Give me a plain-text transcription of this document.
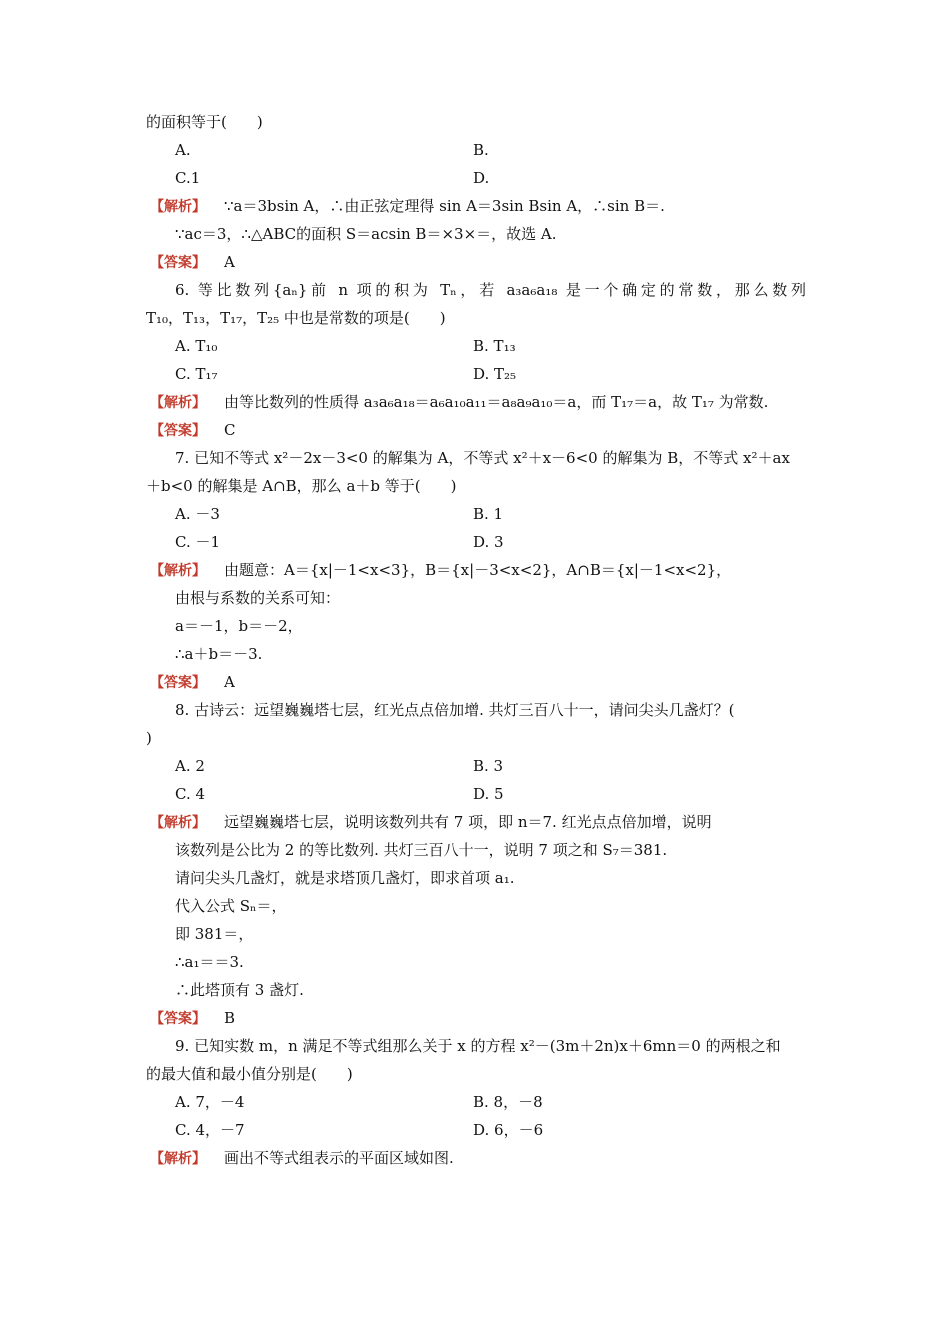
的面积等于(　　)
A.	B.
C.1	D.
【解析】 ∵a＝3bsin A，∴由正弦定理得 sin A＝3sin Bsin A，∴sin B＝.
∵ac＝3，∴△ABC的面积 S＝acsin B＝×3×＝，故选 A.
【答案】 A
6. 等比数列{aₙ}前 n 项的积为 Tₙ，若 a₃a₆a₁₈ 是一个确定的常数，那么数列
T₁₀，T₁₃，T₁₇，T₂₅ 中也是常数的项是(　　)
A. T₁₀	B. T₁₃
C. T₁₇	D. T₂₅
【解析】 由等比数列的性质得 a₃a₆a₁₈＝a₆a₁₀a₁₁＝a₈a₉a₁₀＝a，而 T₁₇＝a，故 T₁₇ 为常数.
【答案】 C
7. 已知不等式 x²－2x－3<0 的解集为 A，不等式 x²＋x－6<0 的解集为 B，不等式 x²＋ax
＋b<0 的解集是 A∩B，那么 a＋b 等于(　　)
A. －3	B. 1
C. －1	D. 3
【解析】 由题意：A＝{x|－1<x<3}，B＝{x|－3<x<2}，A∩B＝{x|－1<x<2}，
由根与系数的关系可知：
a＝－1，b＝－2，
∴a＋b＝－3.
【答案】 A
8. 古诗云：远望巍巍塔七层，红光点点倍加增. 共灯三百八十一，请问尖头几盏灯？(
)
A. 2	B. 3
C. 4	D. 5
【解析】 远望巍巍塔七层，说明该数列共有 7 项，即 n＝7. 红光点点倍加增，说明
该数列是公比为 2 的等比数列. 共灯三百八十一，说明 7 项之和 S₇＝381.
请问尖头几盏灯，就是求塔顶几盏灯，即求首项 a₁.
代入公式 Sₙ＝，
即 381＝，
∴a₁＝＝3.
∴此塔顶有 3 盏灯.
【答案】 B
9. 已知实数 m，n 满足不等式组那么关于 x 的方程 x²－(3m＋2n)x＋6mn＝0 的两根之和
的最大值和最小值分别是(　　)
A. 7，－4	B. 8，－8
C. 4，－7	D. 6，－6
【解析】 画出不等式组表示的平面区域如图.
